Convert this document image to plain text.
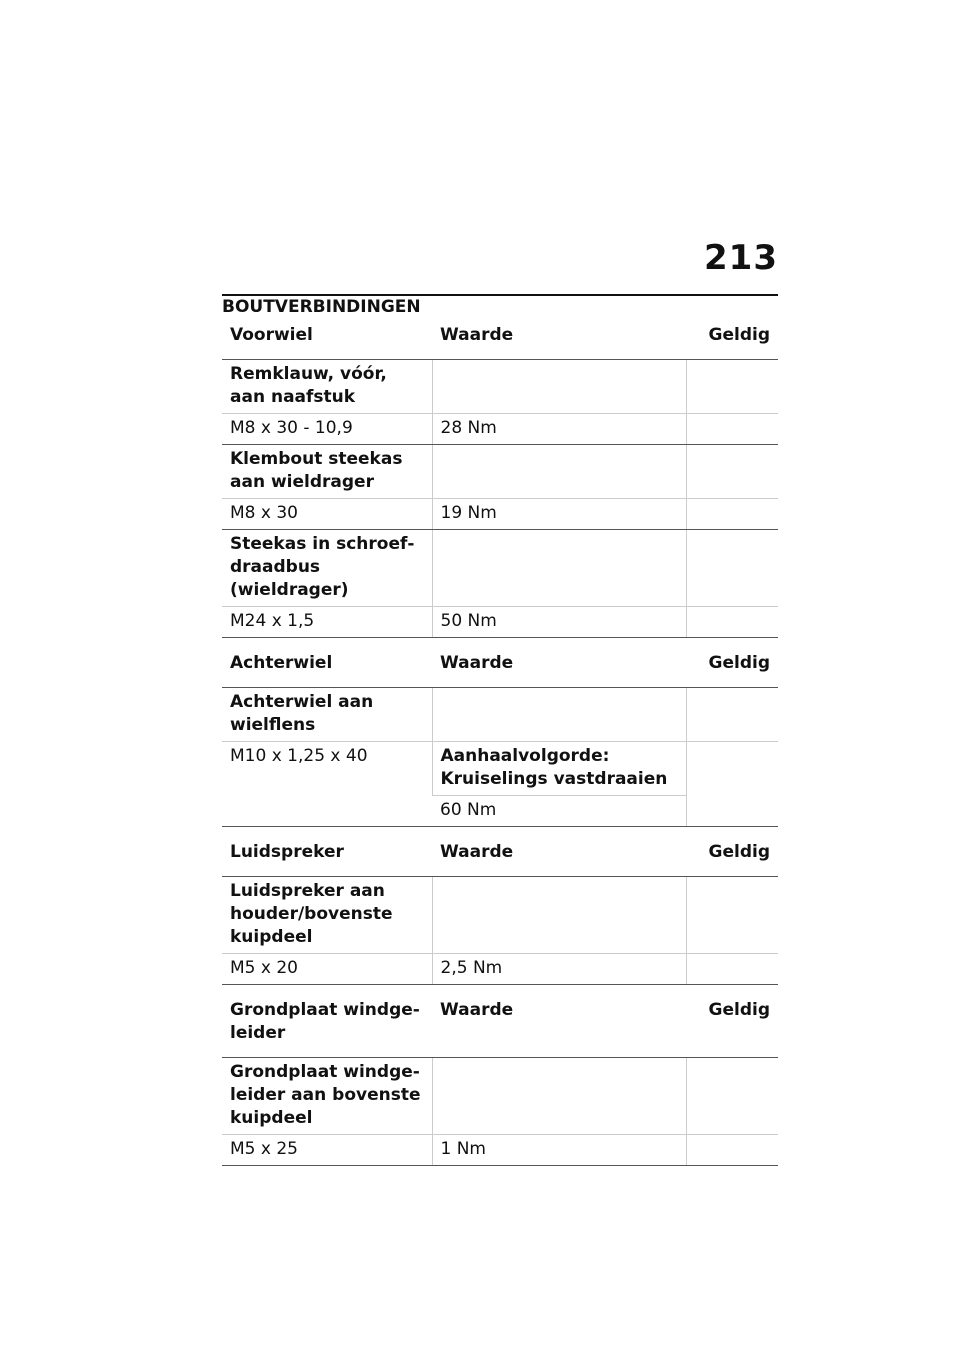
213
BOUTVERBINDINGEN
Voorwiel	Waarde	Geldig
Remklauw, vóór, aan naafstuk		
M8 x 30 - 10,9	28 Nm	
Klembout steekas aan wieldrager		
M8 x 30	19 Nm	
Steekas in schroefdraadbus (wieldrager)		
M24 x 1,5	50 Nm	

Achterwiel	Waarde	Geldig
Achterwiel aan wielflens		
M10 x 1,25 x 40	Aanhaalvolgorde: Kruiselings vastdraaien	
	60 Nm	

Luidspreker	Waarde	Geldig
Luidspreker aan houder/bovenste kuipdeel		
M5 x 20	2,5 Nm	

Grondplaat windgeleider	Waarde	Geldig
Grondplaat windgeleider aan bovenste kuipdeel		
M5 x 25	1 Nm	
